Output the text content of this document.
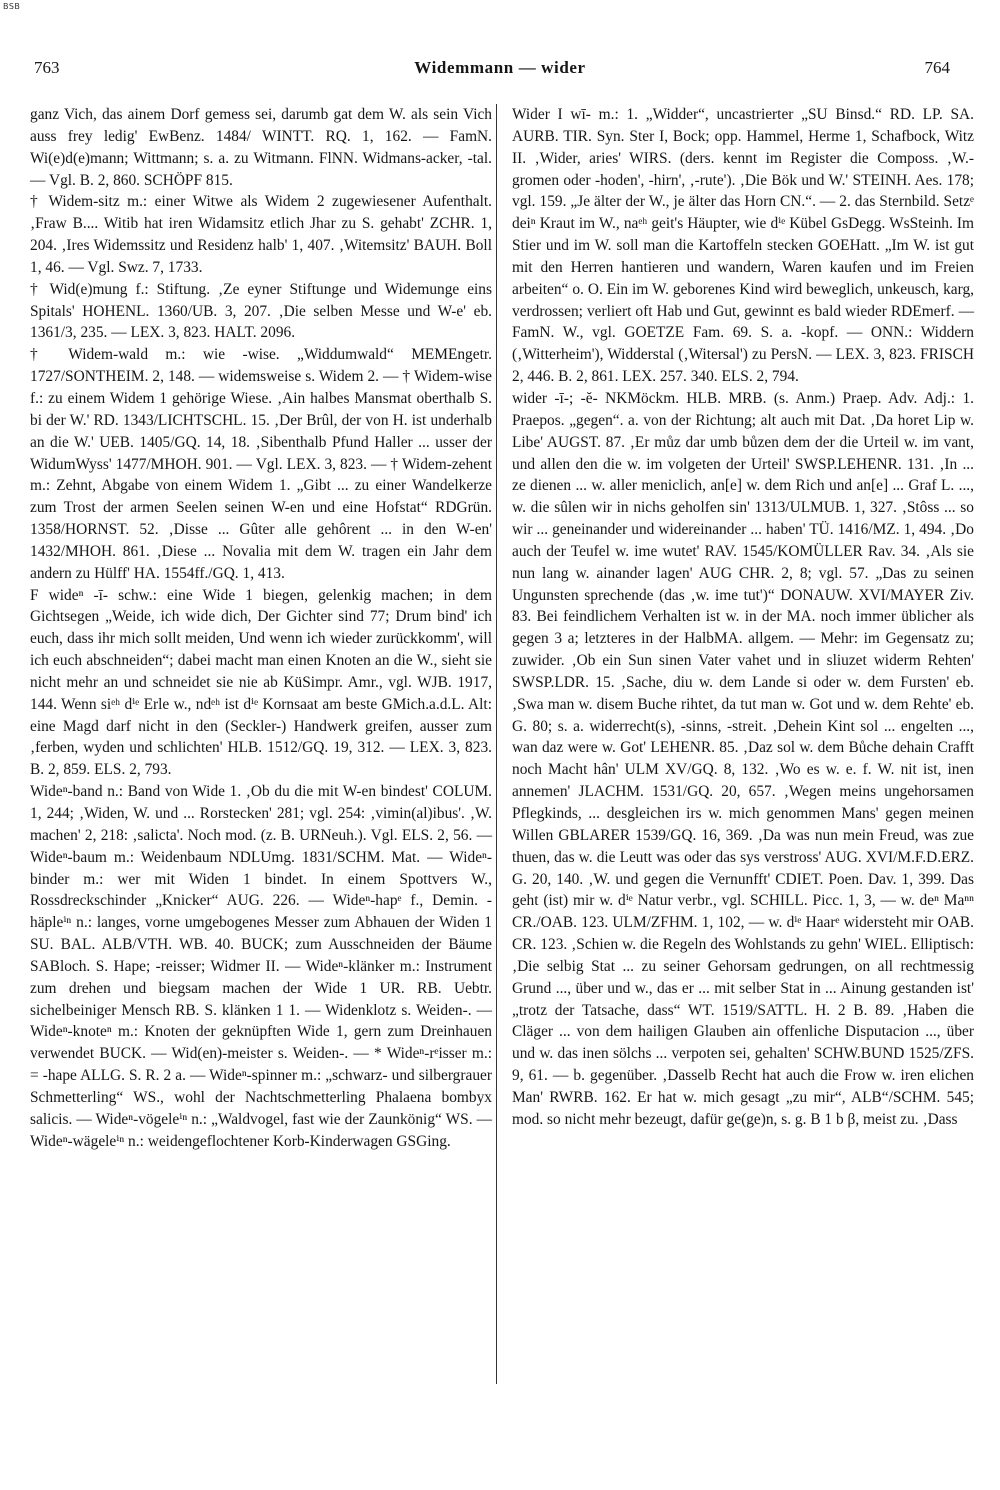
BSB
763	Widemmann — wider	764

ganz Vich, das ainem Dorf gemess sei, darumb gat dem W. als sein Vich auss frey ledig' EwBenz. 1484/ WINTT. RQ. 1, 162. — FamN. Wi(e)d(e)mann; Wittmann; s. a. zu Witmann. FlNN. Widmans-acker, -tal. — Vgl. B. 2, 860. SCHÖPF 815.

† Widem-sitz m.: einer Witwe als Widem 2 zugewiesener Aufenthalt. ‚Fraw B.... Witib hat iren Widamsitz etlich Jhar zu S. gehabt' ZCHR. 1, 204. ‚Ires Widemssitz und Residenz halb' 1, 407. ‚Witemsitz' BAUH. Boll 1, 46. — Vgl. Swz. 7, 1733.

† Wid(e)mung f.: Stiftung. ‚Ze eyner Stiftunge und Widemunge eins Spitals' HOHENL. 1360/UB. 3, 207. ‚Die selben Messe und W-e' eb. 1361/3, 235. — LEX. 3, 823. HALT. 2096.

† Widem-wald m.: wie -wise. „Widdumwald“ MEMEngetr. 1727/SONTHEIM. 2, 148. — widemsweise s. Widem 2. — † Widem-wise f.: zu einem Widem 1 gehörige Wiese. ‚Ain halbes Mansmat oberthalb S. bi der W.' RD. 1343/LICHTSCHL. 15. ‚Der Brûl, der von H. ist underhalb an die W.' UEB. 1405/GQ. 14, 18. ‚Sibenthalb Pfund Haller ... usser der WidumWyss' 1477/MHOH. 901. — Vgl. LEX. 3, 823. — † Widem-zehent m.: Zehnt, Abgabe von einem Widem 1. „Gibt ... zu einer Wandelkerze zum Trost der armen Seelen seinen W-en und eine Hofstat“ RDGrün. 1358/HORNST. 52. ‚Disse ... Gûter alle gehôrent ... in den W-en' 1432/MHOH. 861. ‚Diese ... Novalia mit dem W. tragen ein Jahr dem andern zu Hülff' HA. 1554ff./GQ. 1, 413.

F wideⁿ -ī- schw.: eine Wide 1 biegen, gelenkig machen; in dem Gichtsegen „Weide, ich wide dich, Der Gichter sind 77; Drum bind' ich euch, dass ihr mich sollt meiden, Und wenn ich wieder zurückkomm', will ich euch abschneiden“; dabei macht man einen Knoten an die W., sieht sie nicht mehr an und schneidet sie nie ab KüSimpr. Amr., vgl. WJB. 1917, 144. Wenn siᵉʰ dⁱᵉ Erle w., ndᵉʰ ist dⁱᵉ Kornsaat am beste GMich.a.d.L. Alt: eine Magd darf nicht in den (Seckler-) Handwerk greifen, ausser zum ‚ferben, wyden und schlichten' HLB. 1512/GQ. 19, 312. — LEX. 3, 823. B. 2, 859. ELS. 2, 793.

Wideⁿ-band n.: Band von Wide 1. ‚Ob du die mit W-en bindest' COLUM. 1, 244; ‚Widen, W. und ... Rorstecken' 281; vgl. 254: ‚vimin(al)ibus'. ‚W. machen' 2, 218: ‚salicta'. Noch mod. (z. B. URNeuh.). Vgl. ELS. 2, 56. — Wideⁿ-baum m.: Weidenbaum NDLUmg. 1831/SCHM. Mat. — Wideⁿ-binder m.: wer mit Widen 1 bindet. In einem Spottvers W., Rossdreckschinder „Knicker“ AUG. 226. — Wideⁿ-hapᵉ f., Demin. -häpleⁱⁿ n.: langes, vorne umgebogenes Messer zum Abhauen der Widen 1 SU. BAL. ALB/VTH. WB. 40. BUCK; zum Ausschneiden der Bäume SABloch. S. Hape; -reisser; Widmer II. — Wideⁿ-klänker m.: Instrument zum drehen und biegsam machen der Wide 1 UR. RB. Uebtr. sichelbeiniger Mensch RB. S. klänken 1 1. — Widenklotz s. Weiden-. — Wideⁿ-knoteⁿ m.: Knoten der geknüpften Wide 1, gern zum Dreinhauen verwendet BUCK. — Wid(en)-meister s. Weiden-. — * Wideⁿ-rᵉisser m.: = -hape ALLG. S. R. 2 a. — Wideⁿ-spinner m.: „schwarz- und silbergrauer Schmetterling“ WS., wohl der Nachtschmetterling Phalaena bombyx salicis. — Wideⁿ-vögeleⁱⁿ n.: „Waldvogel, fast wie der Zaunkönig“ WS. — Wideⁿ-wägeleⁱⁿ n.: weidengeflochtener Korb-Kinderwagen GSGing.

Wider I wī- m.: 1. „Widder“, uncastrierter „SU Binsd.“ RD. LP. SA. AURB. TIR. Syn. Ster I, Bock; opp. Hammel, Herme 1, Schafbock, Witz II. ‚Wider, aries' WIRS. (ders. kennt im Register die Composs. ‚W.-gromen oder -hoden', -hirn', ‚-rute'). ‚Die Bök und W.' STEINH. Aes. 178; vgl. 159. „Je älter der W., je älter das Horn CN.“. — 2. das Sternbild. Setzᵉ deiⁿ Kraut im W., naᵉʰ geit's Häupter, wie dⁱᵉ Kübel GsDegg. WsSteinh. Im Stier und im W. soll man die Kartoffeln stecken GOEHatt. „Im W. ist gut mit den Herren hantieren und wandern, Waren kaufen und im Freien arbeiten“ o. O. Ein im W. geborenes Kind wird beweglich, unkeusch, karg, verdrossen; verliert oft Hab und Gut, gewinnt es bald wieder RDEmerf. — FamN. W., vgl. GOETZE Fam. 69. S. a. -kopf. — ONN.: Widdern (‚Witterheim'), Widderstal (‚Witersal') zu PersN. — LEX. 3, 823. FRISCH 2, 446. B. 2, 861. LEX. 257. 340. ELS. 2, 794.

wider -ī-; -ĕ- NKMöckm. HLB. MRB. (s. Anm.) Praep. Adv. Adj.: 1. Praepos. „gegen“. a. von der Richtung; alt auch mit Dat. ‚Da horet Lip w. Libe' AUGST. 87. ‚Er můz dar umb bůzen dem der die Urteil w. im vant, und allen den die w. im volgeten der Urteil' SWSP.LEHENR. 131. ‚In ... ze dienen ... w. aller meniclich, an[e] w. dem Rich und an[e] ... Graf L. ..., w. die sûlen wir in nichs geholfen sin' 1313/ULMUB. 1, 327. ‚Stôss ... so wir ... geneinander und widereinander ... haben' TÜ. 1416/MZ. 1, 494. ‚Do auch der Teufel w. ime wutet' RAV. 1545/KOMÜLLER Rav. 34. ‚Als sie nun lang w. ainander lagen' AUG CHR. 2, 8; vgl. 57. „Das zu seinen Ungunsten sprechende (das ‚w. ime tut')“ DONAUW. XVI/MAYER Ziv. 83. Bei feindlichem Verhalten ist w. in der MA. noch immer üblicher als gegen 3 a; letzteres in der HalbMA. allgem. — Mehr: im Gegensatz zu; zuwider. ‚Ob ein Sun sinen Vater vahet und in sliuzet widerm Rehten' SWSP.LDR. 15. ‚Sache, diu w. dem Lande si oder w. dem Fursten' eb. ‚Swa man w. disem Buche rihtet, da tut man w. Got und w. dem Rehte' eb. G. 80; s. a. widerrecht(s), -sinns, -streit. ‚Dehein Kint sol ... engelten ..., wan daz were w. Got' LEHENR. 85. ‚Daz sol w. dem Bůche dehain Crafft noch Macht hân' ULM XV/GQ. 8, 132. ‚Wo es w. e. f. W. nit ist, inen annemen' JLACHM. 1531/GQ. 20, 657. ‚Wegen meins ungehorsamen Pflegkinds, ... desgleichen irs w. mich genommen Mans' gegen meinen Willen GBLARER 1539/GQ. 16, 369. ‚Da was nun mein Freud, was zue thuen, das w. die Leutt was oder das sys verstross' AUG. XVI/M.F.D.ERZ. G. 20, 140. ‚W. und gegen die Vernunfft' CDIET. Poen. Dav. 1, 399. Das geht (ist) mir w. dⁱᵉ Natur verbr., vgl. SCHILL. Picc. 1, 3, — w. deⁿ Maⁿⁿ CR./OAB. 123. ULM/ZFHM. 1, 102, — w. dⁱᵉ Haarᵉ widersteht mir OAB. CR. 123. ‚Schien w. die Regeln des Wohlstands zu gehn' WIEL. Elliptisch: ‚Die selbig Stat ... zu seiner Gehorsam gedrungen, on all rechtmessig Grund ..., über und w., das er ... mit selber Stat in ... Ainung gestanden ist' „trotz der Tatsache, dass“ WT. 1519/SATTL. H. 2 B. 89. ‚Haben die Cläger ... von dem hailigen Glauben ain offenliche Disputacion ..., über und w. das inen sölchs ... verpoten sei, gehalten' SCHW.BUND 1525/ZFS. 9, 61. — b. gegenüber. ‚Dasselb Recht hat auch die Frow w. iren elichen Man' RWRB. 162. Er hat w. mich gesagt „zu mir“, ALB“/SCHM. 545; mod. so nicht mehr bezeugt, dafür ge(ge)n, s. g. B 1 b β, meist zu. ‚Dass
